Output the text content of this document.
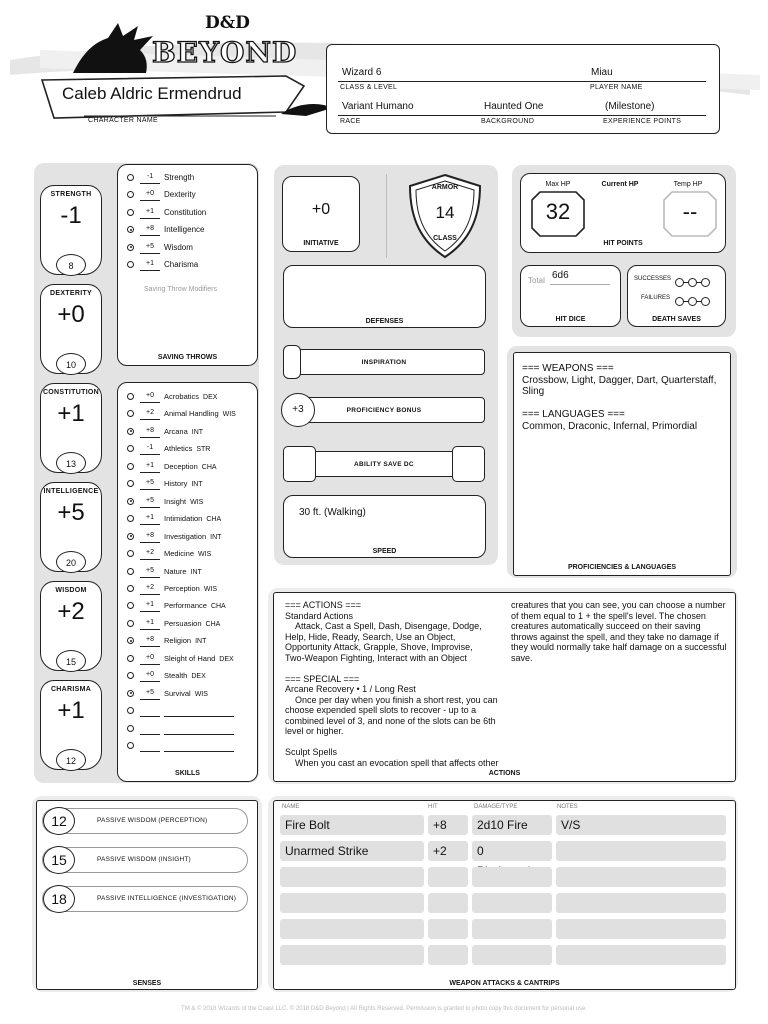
D&D
BEYOND
Caleb Aldric Ermendrud
CHARACTER NAME
Wizard 6
CLASS & LEVEL
Miau
PLAYER NAME
Variant Humano
RACE
Haunted One
BACKGROUND
(Milestone)
EXPERIENCE POINTS
STRENGTH
-1
8
DEXTERITY
+0
10
CONSTITUTION
+1
13
INTELLIGENCE
+5
20
WISDOM
+2
15
CHARISMA
+1
12
-1	Strength
+0	Dexterity
+1	Constitution
+8	Intelligence
+5	Wisdom
+1	Charisma
Saving Throw Modifiers
SAVING THROWS
+0	Acrobatics DEX
+2	Animal Handling WIS
+8	Arcana INT
-1	Athletics STR
+1	Deception CHA
+5	History INT
+5	Insight WIS
+1	Intimidation CHA
+8	Investigation INT
+2	Medicine WIS
+5	Nature INT
+2	Perception WIS
+1	Performance CHA
+1	Persuasion CHA
+8	Religion INT
+0	Sleight of Hand DEX
+0	Stealth DEX
+5	Survival WIS
SKILLS
+0
INITIATIVE
ARMOR
14
CLASS
DEFENSES
INSPIRATION
PROFICIENCY BONUS
+3
ABILITY SAVE DC
30 ft. (Walking)
SPEED
Max HP	Current HP	Temp HP
32	--
HIT POINTS
Total 6d6
HIT DICE
SUCCESSES
FAILURES
DEATH SAVES
=== WEAPONS ===
Crossbow, Light, Dagger, Dart, Quarterstaff,
Sling

=== LANGUAGES ===
Common, Draconic, Infernal, Primordial
PROFICIENCIES & LANGUAGES
=== ACTIONS ===
Standard Actions
Attack, Cast a Spell, Dash, Disengage, Dodge,
Help, Hide, Ready, Search, Use an Object,
Opportunity Attack, Grapple, Shove, Improvise,
Two-Weapon Fighting, Interact with an Object

=== SPECIAL ===
Arcane Recovery • 1 / Long Rest
Once per day when you finish a short rest, you can
choose expended spell slots to recover - up to a
combined level of 3, and none of the slots can be 6th
level or higher.

Sculpt Spells
When you cast an evocation spell that affects other
creatures that you can see, you can choose a number
of them equal to 1 + the spell's level. The chosen
creatures automatically succeed on their saving
throws against the spell, and they take no damage if
they would normally take half damage on a successful
save.
ACTIONS
12	PASSIVE WISDOM (PERCEPTION)
15	PASSIVE WISDOM (INSIGHT)
18	PASSIVE INTELLIGENCE (INVESTIGATION)
SENSES
NAME	HIT	DAMAGE/TYPE	NOTES
Fire Bolt	+8	2d10 Fire	V/S
Unarmed Strike	+2	0
WEAPON ATTACKS & CANTRIPS
TM & © 2018 Wizards of the Coast LLC. © 2018 D&D Beyond | All Rights Reserved. Permission is granted to photo copy this document for personal use.
